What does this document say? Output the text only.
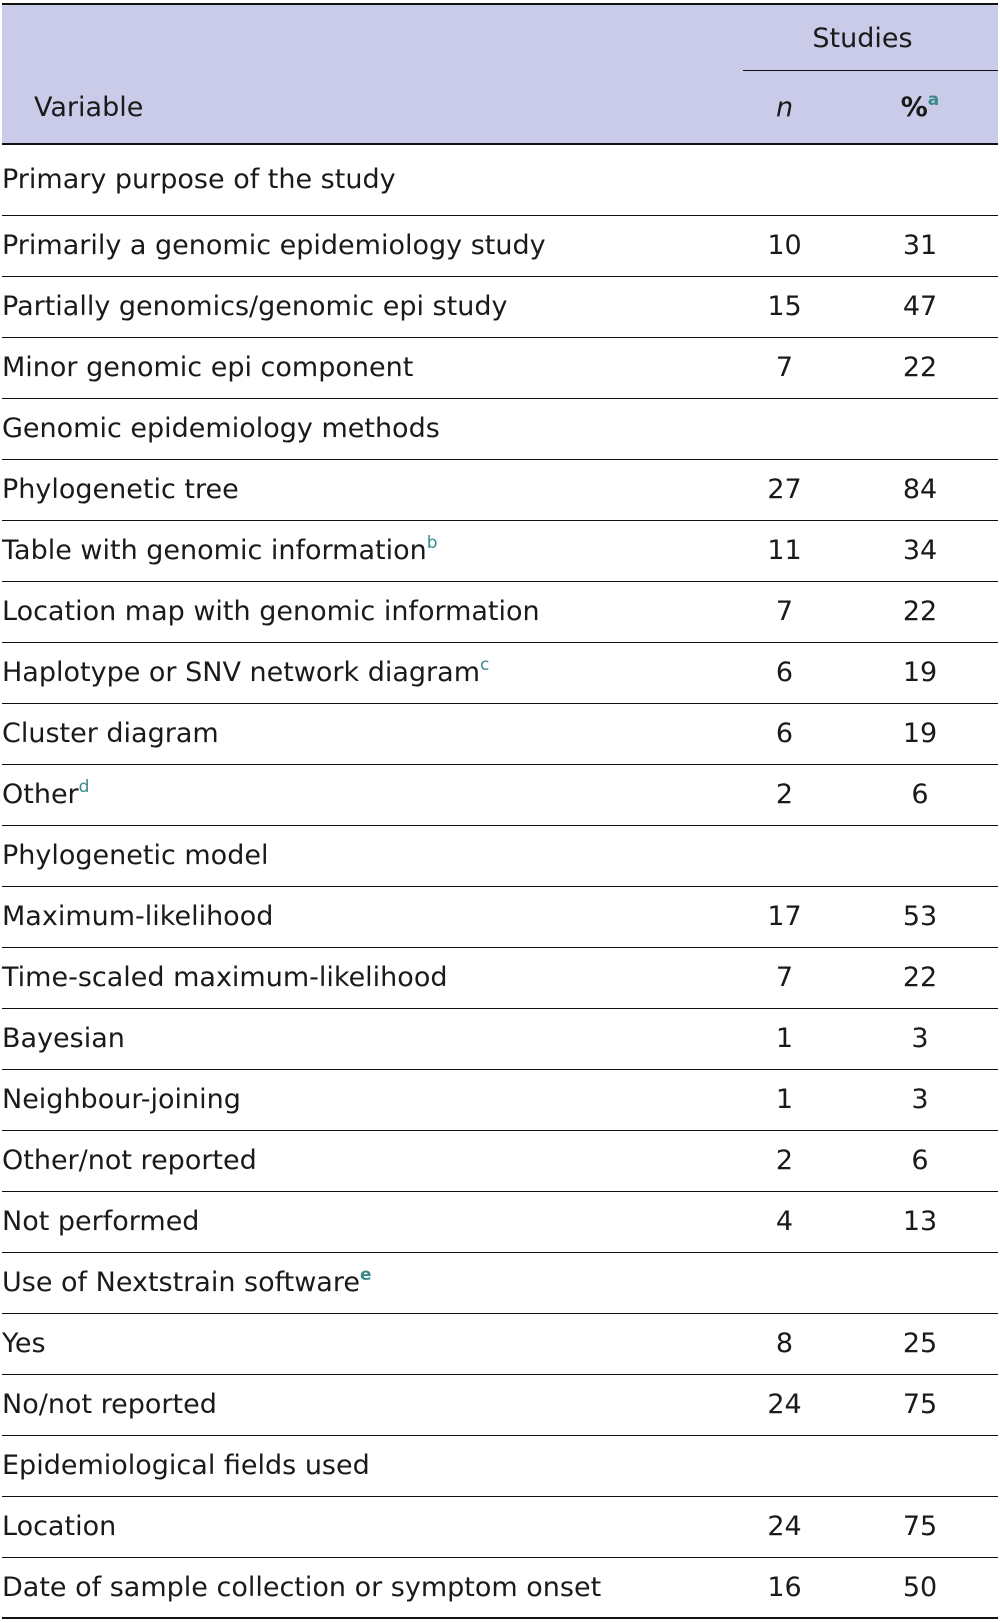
	Studies	
Variable	n	%$^a$
Primary purpose of the study		
Primarily a genomic epidemiology study	10	31
Partially genomics/genomic epi study	15	47
Minor genomic epi component	7	22
Genomic epidemiology methods		
Phylogenetic tree	27	84
Table with genomic information$^b$	11	34
Location map with genomic information	7	22
Haplotype or SNV network diagram$^c$	6	19
Cluster diagram	6	19
Other$^d$	2	6
Phylogenetic model		
Maximum-likelihood	17	53
Time-scaled maximum-likelihood	7	22
Bayesian	1	3
Neighbour-joining	1	3
Other/not reported	2	6
Not performed	4	13
Use of Nextstrain software$^e$
Yes	8	25
No/not reported	24	75
Epidemiological fields used		
Location	24	75
Date of sample collection or symptom onset	16	50
